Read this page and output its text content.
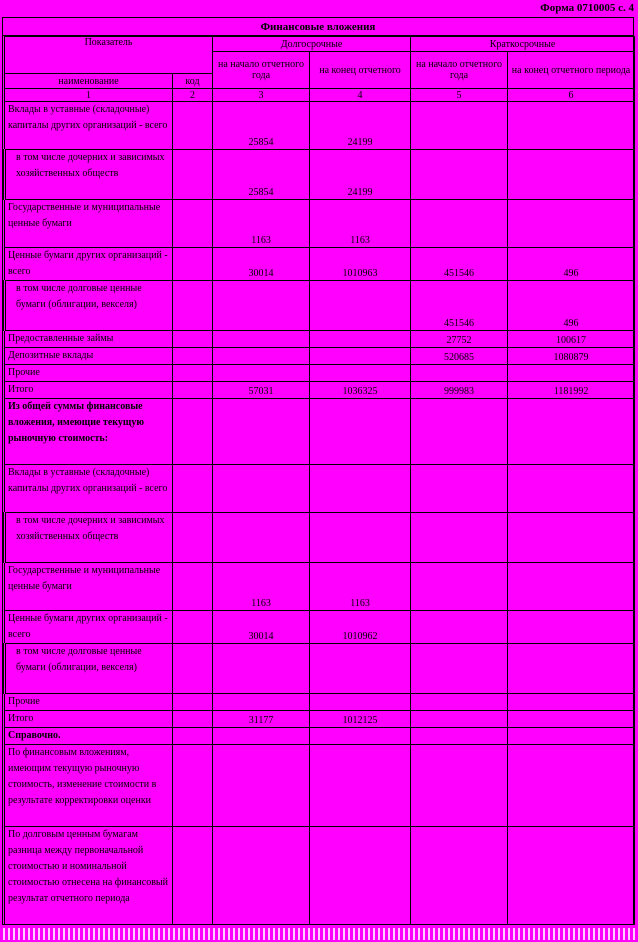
Форма 0710005 с. 4
Финансовые вложения
Показатель		Долгосрочные		Краткосрочные	
		на начало отчетного года	на конец отчетного	на начало отчетного года	на конец отчетного периода
наименование	код				
1	2	3	4	5	6
Вклады в уставные (складочные) капиталы других организаций - всего		25854	24199		
в том числе дочерних и зависимых хозяйственных обществ		25854	24199		
Государственные и муниципальные ценные бумаги		1163	1163		
Ценные бумаги других организаций - всего		30014	1010963	451546	496
в том числе долговые ценные бумаги (облигации, векселя)				451546	496
Предоставленные займы				27752	100617
Депозитные вклады				520685	1080879
Прочие					
Итого		57031	1036325	999983	1181992
Из общей суммы финансовые вложения, имеющие текущую рыночную стоимость:					
Вклады в уставные (складочные) капиталы других организаций - всего					
в том числе дочерних и зависимых хозяйственных обществ					
Государственные и муниципальные ценные бумаги		1163	1163		
Ценные бумаги других организаций - всего		30014	1010962		
в том числе долговые ценные бумаги (облигации, векселя)					
Прочие					
Итого		31177	1012125		
Справочно.					
По финансовым вложениям, имеющим текущую рыночную стоимость, изменение стоимости в результате корректировки оценки					
По долговым ценным бумагам разница между первоначальной стоимостью и номинальной стоимостью отнесена на финансовый результат отчетного периода					
